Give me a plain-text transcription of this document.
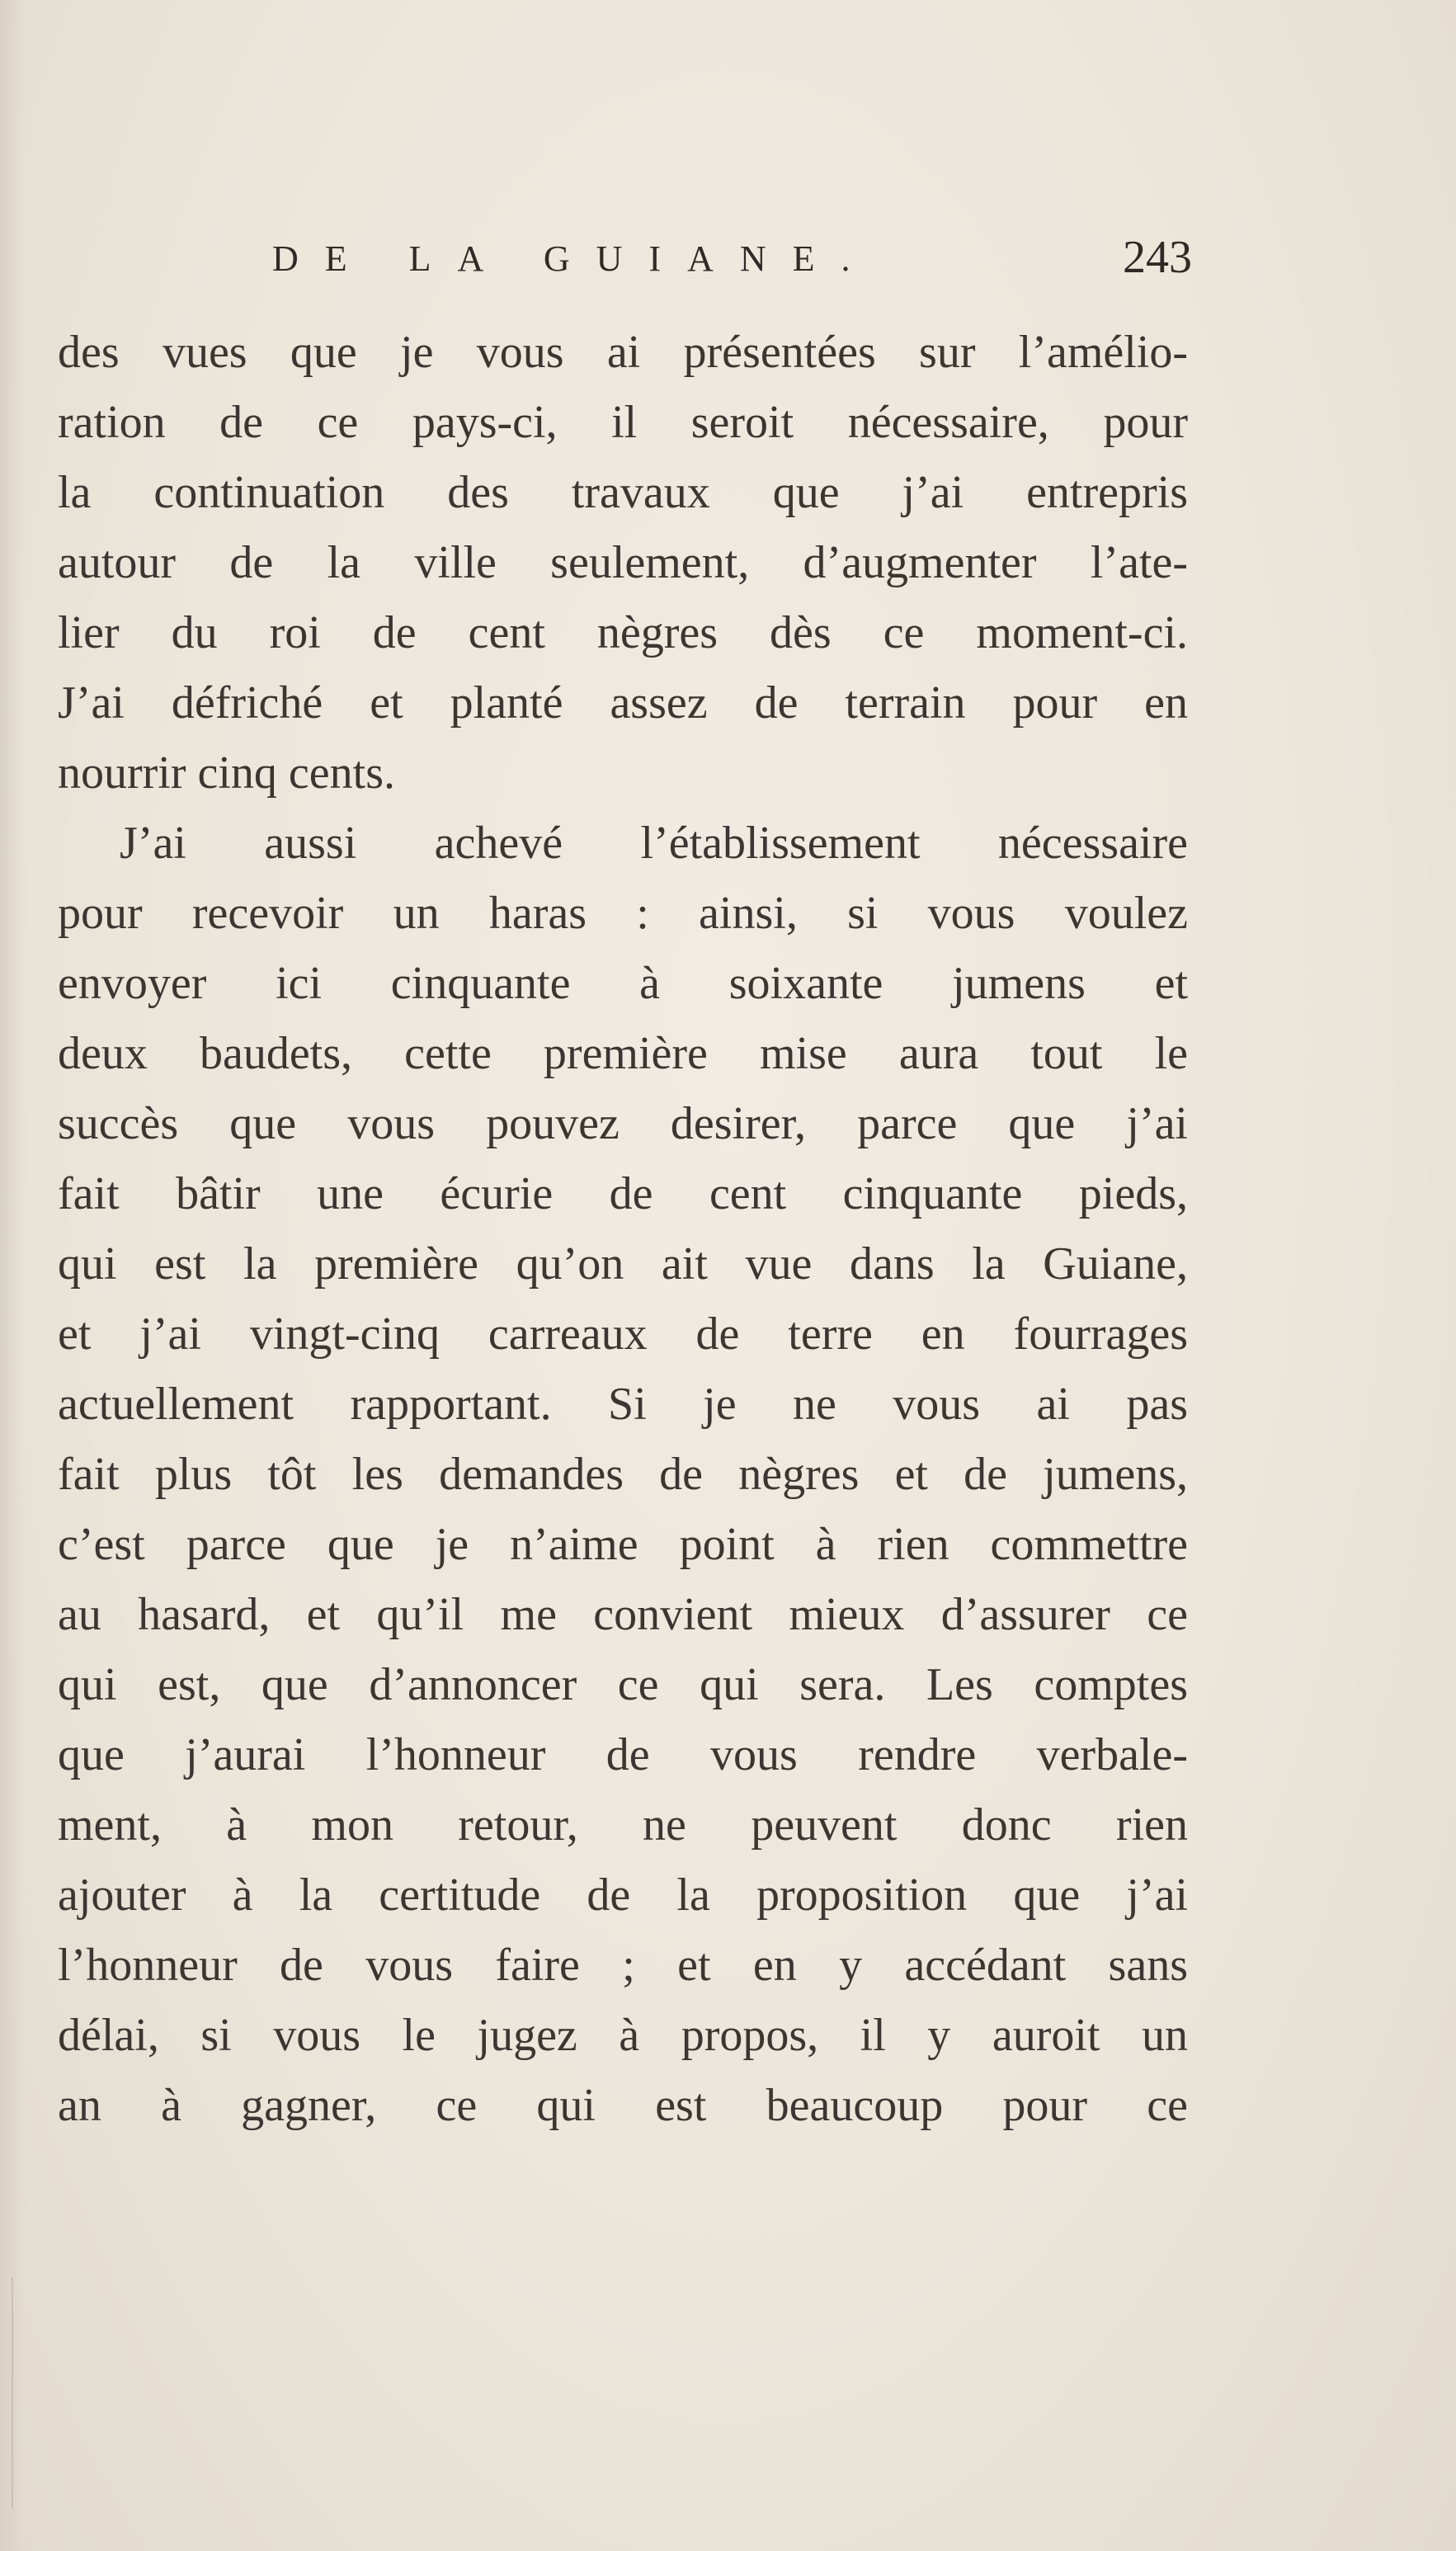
DE LA GUIANE.	243
des vues que je vous ai présentées sur l’amélio-
ration de ce pays-ci, il seroit nécessaire, pour
la continuation des travaux que j’ai entrepris
autour de la ville seulement, d’augmenter l’ate-
lier du roi de cent nègres dès ce moment-ci.
J’ai défriché et planté assez de terrain pour en
nourrir cinq cents.
J’ai aussi achevé l’établissement nécessaire
pour recevoir un haras : ainsi, si vous voulez
envoyer ici cinquante à soixante jumens et
deux baudets, cette première mise aura tout le
succès que vous pouvez desirer, parce que j’ai
fait bâtir une écurie de cent cinquante pieds,
qui est la première qu’on ait vue dans la Guiane,
et j’ai vingt-cinq carreaux de terre en fourrages
actuellement rapportant. Si je ne vous ai pas
fait plus tôt les demandes de nègres et de jumens,
c’est parce que je n’aime point à rien commettre
au hasard, et qu’il me convient mieux d’assurer ce
qui est, que d’annoncer ce qui sera. Les comptes
que j’aurai l’honneur de vous rendre verbale-
ment, à mon retour, ne peuvent donc rien
ajouter à la certitude de la proposition que j’ai
l’honneur de vous faire ; et en y accédant sans
délai, si vous le jugez à propos, il y auroit un
an à gagner, ce qui est beaucoup pour ce
